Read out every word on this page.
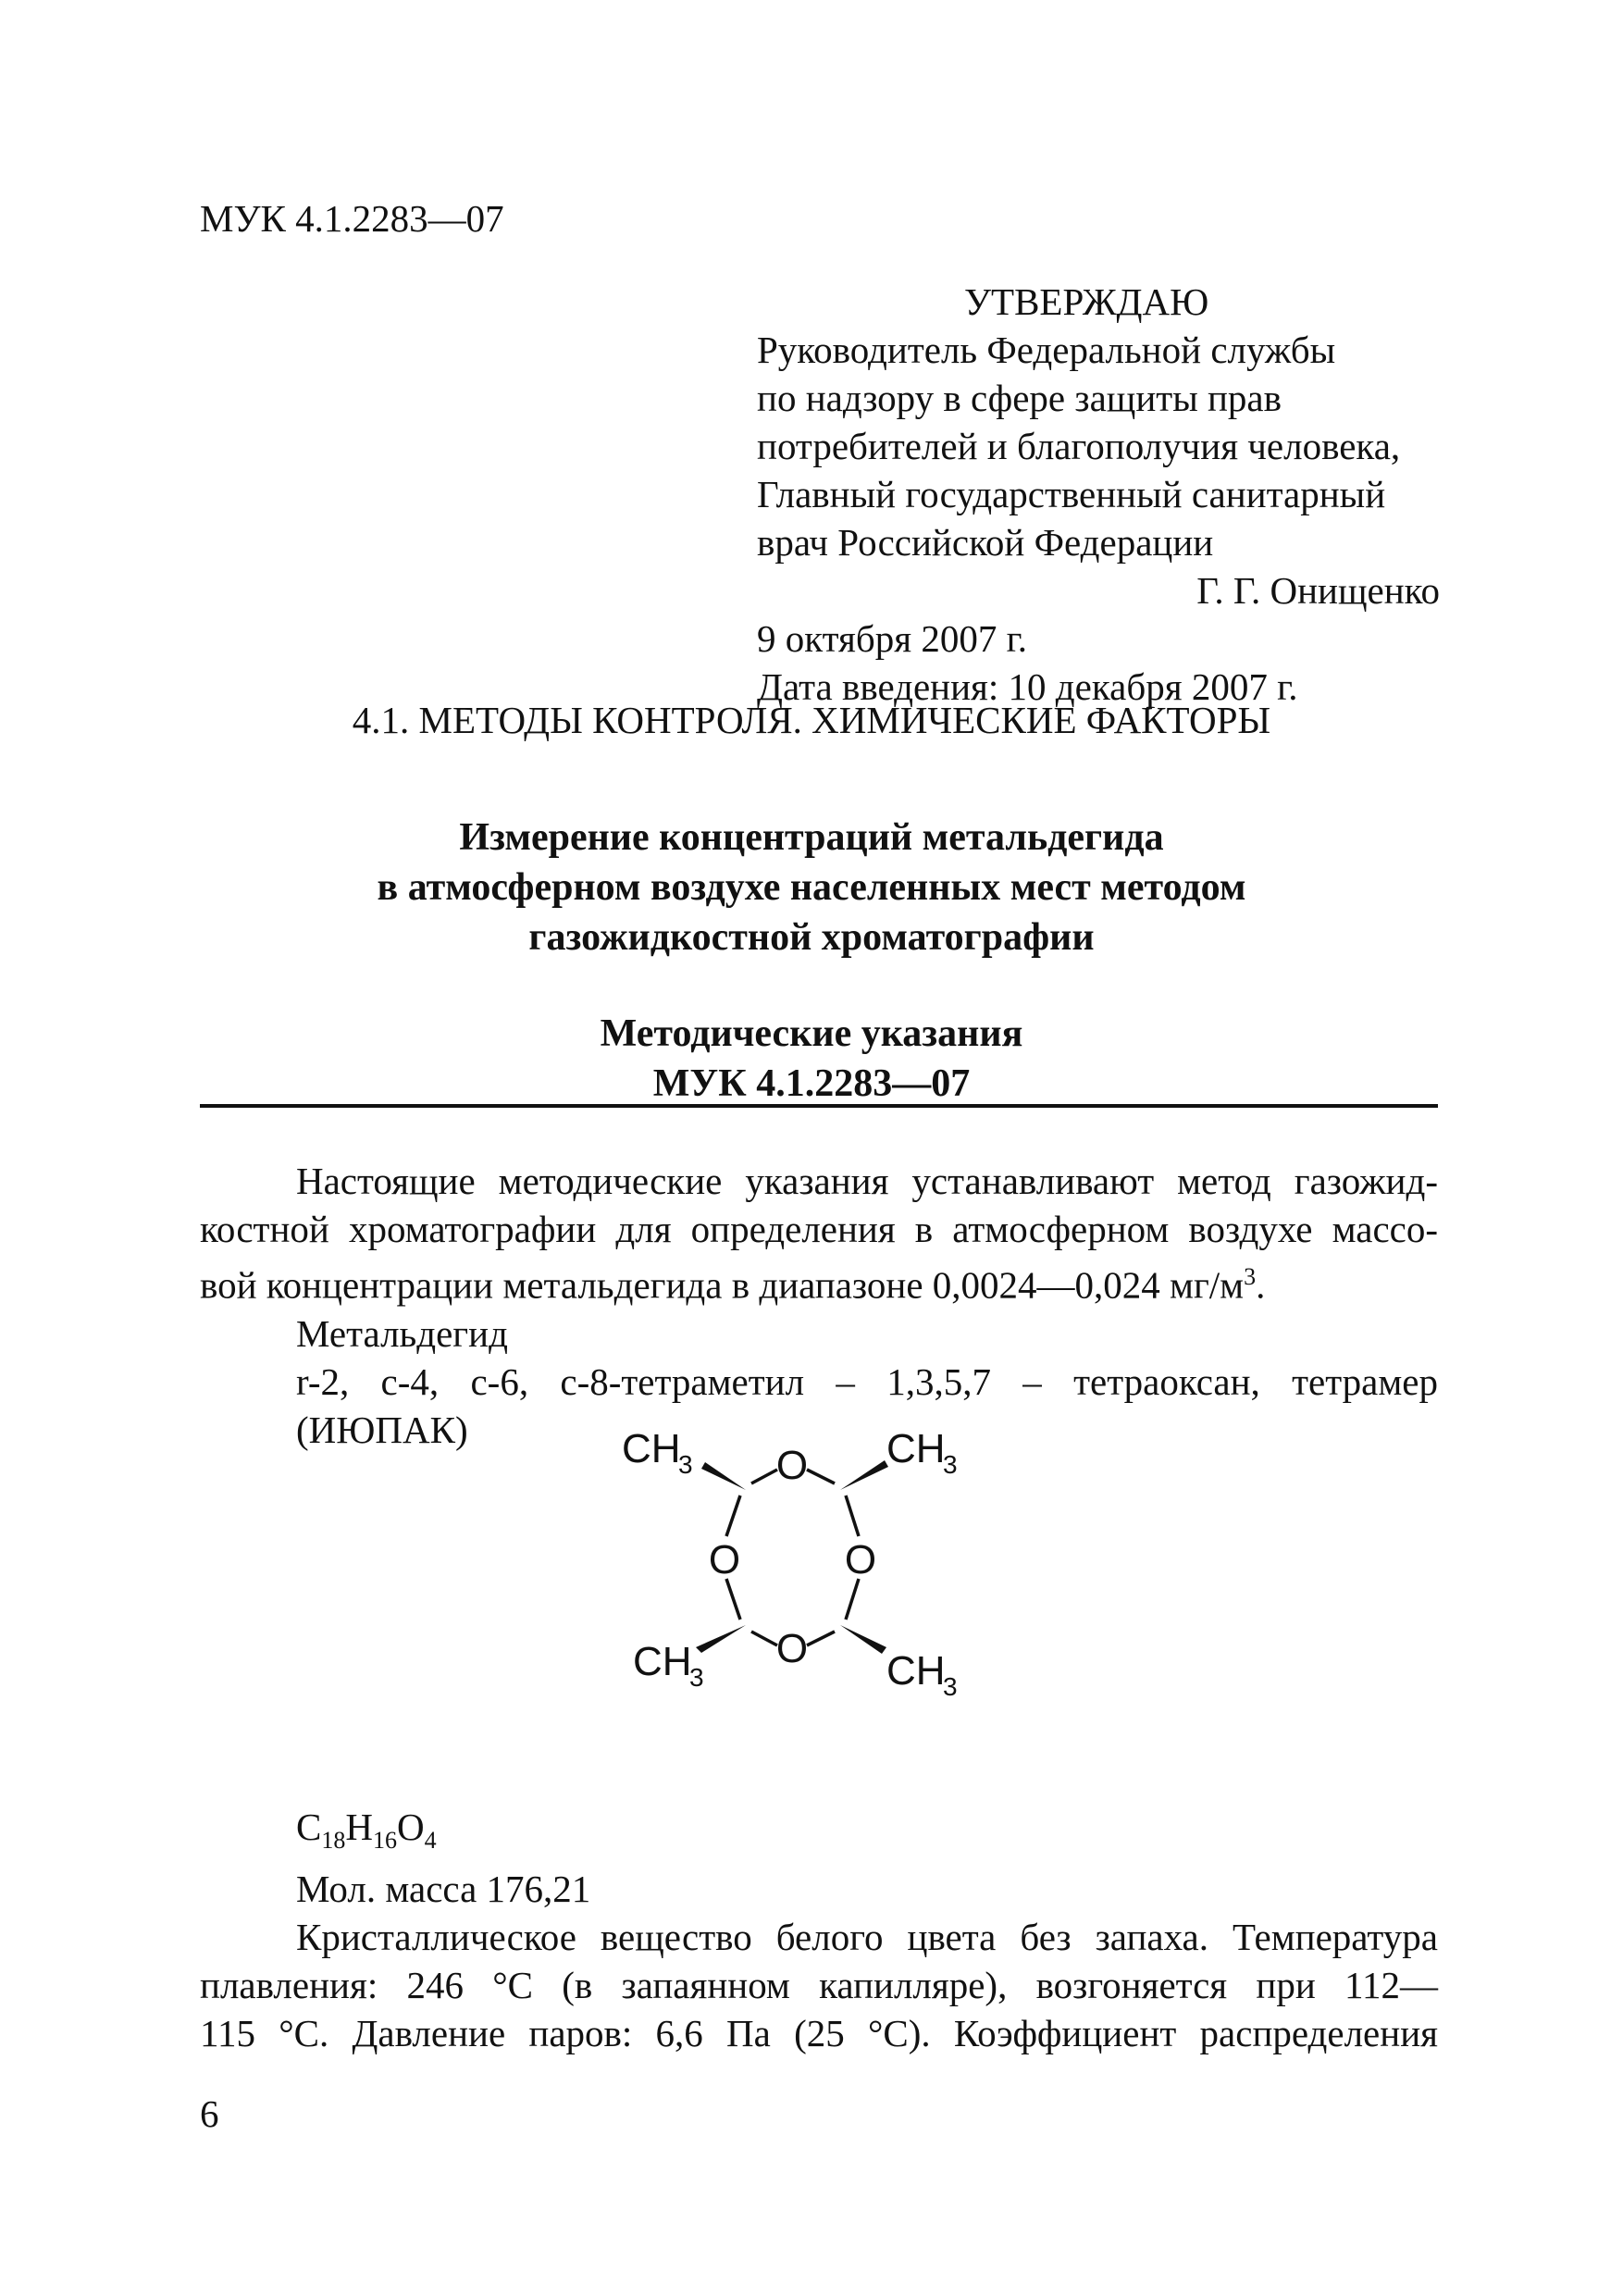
МУК 4.1.2283—07
УТВЕРЖДАЮ
Руководитель Федеральной службы
по надзору в сфере защиты прав
потребителей и благополучия человека,
Главный государственный санитарный
врач Российской Федерации
Г. Г. Онищенко
9 октября 2007 г.
Дата введения: 10 декабря 2007 г.
4.1. МЕТОДЫ КОНТРОЛЯ. ХИМИЧЕСКИЕ ФАКТОРЫ
Измерение концентраций метальдегида
в атмосферном воздухе населенных мест методом
газожидкостной хроматографии
Методические указания
МУК 4.1.2283—07
Настоящие методические указания устанавливают метод газожид-
костной хроматографии для определения в атмосферном воздухе массо-
вой концентрации метальдегида в диапазоне 0,0024—0,024 $мг/м^3$.
Метальдегид
r-2, c-4, c-6, c-8-тетраметил – 1,3,5,7 – тетраоксан, тетрамер (ИЮПАК)
O
O	O
O
CH
3	CH
3
CH
3	CH
3
$C_{18}H_{16}O_4$
Мол. масса 176,21
Кристаллическое вещество белого цвета без запаха. Температура
плавления: 246 °С (в запаянном капилляре), возгоняется при 112—
115 °С. Давление паров: 6,6 Па (25 °С). Коэффициент распределения
6
